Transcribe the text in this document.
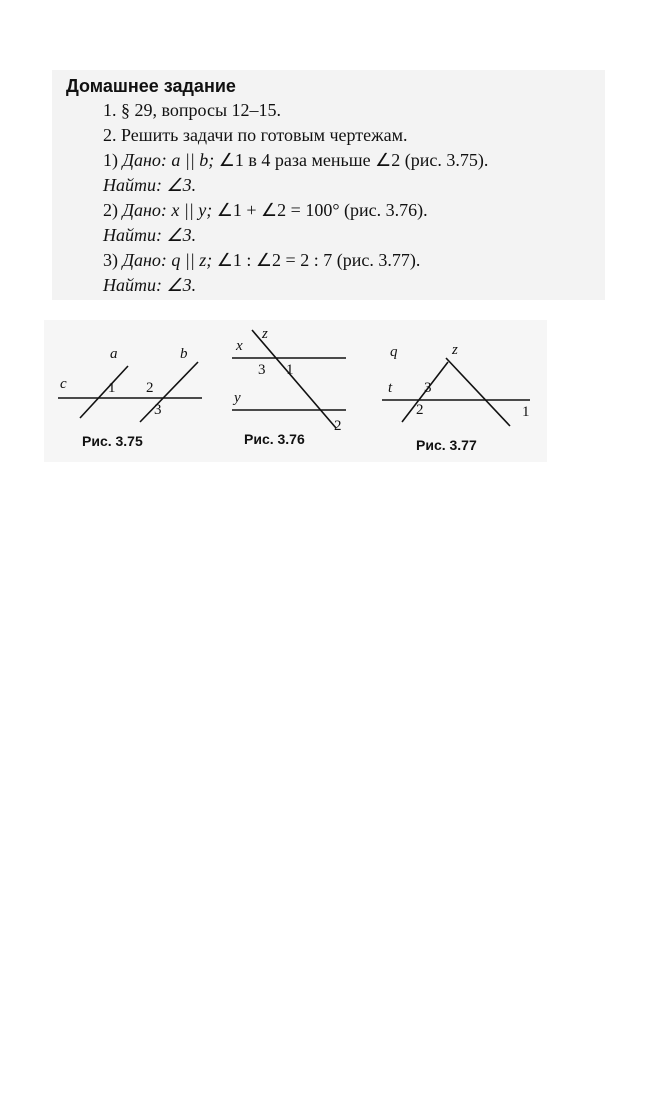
Домашнее задание
1. § 29, вопросы 12–15.
2. Решить задачи по готовым чертежам.
1) Дано: a || b; ∠1 в 4 раза меньше ∠2 (рис. 3.75).
Найти: ∠3.
2) Дано: x || y; ∠1 + ∠2 = 100° (рис. 3.76).
Найти: ∠3.
3) Дано: q || z; ∠1 : ∠2 = 2 : 7 (рис. 3.77).
Найти: ∠3.
a	b
c	1 2
3
Рис. 3.75
x
z
y
3 1
2
Рис. 3.76
q	z
t 3
2	1
Рис. 3.77
